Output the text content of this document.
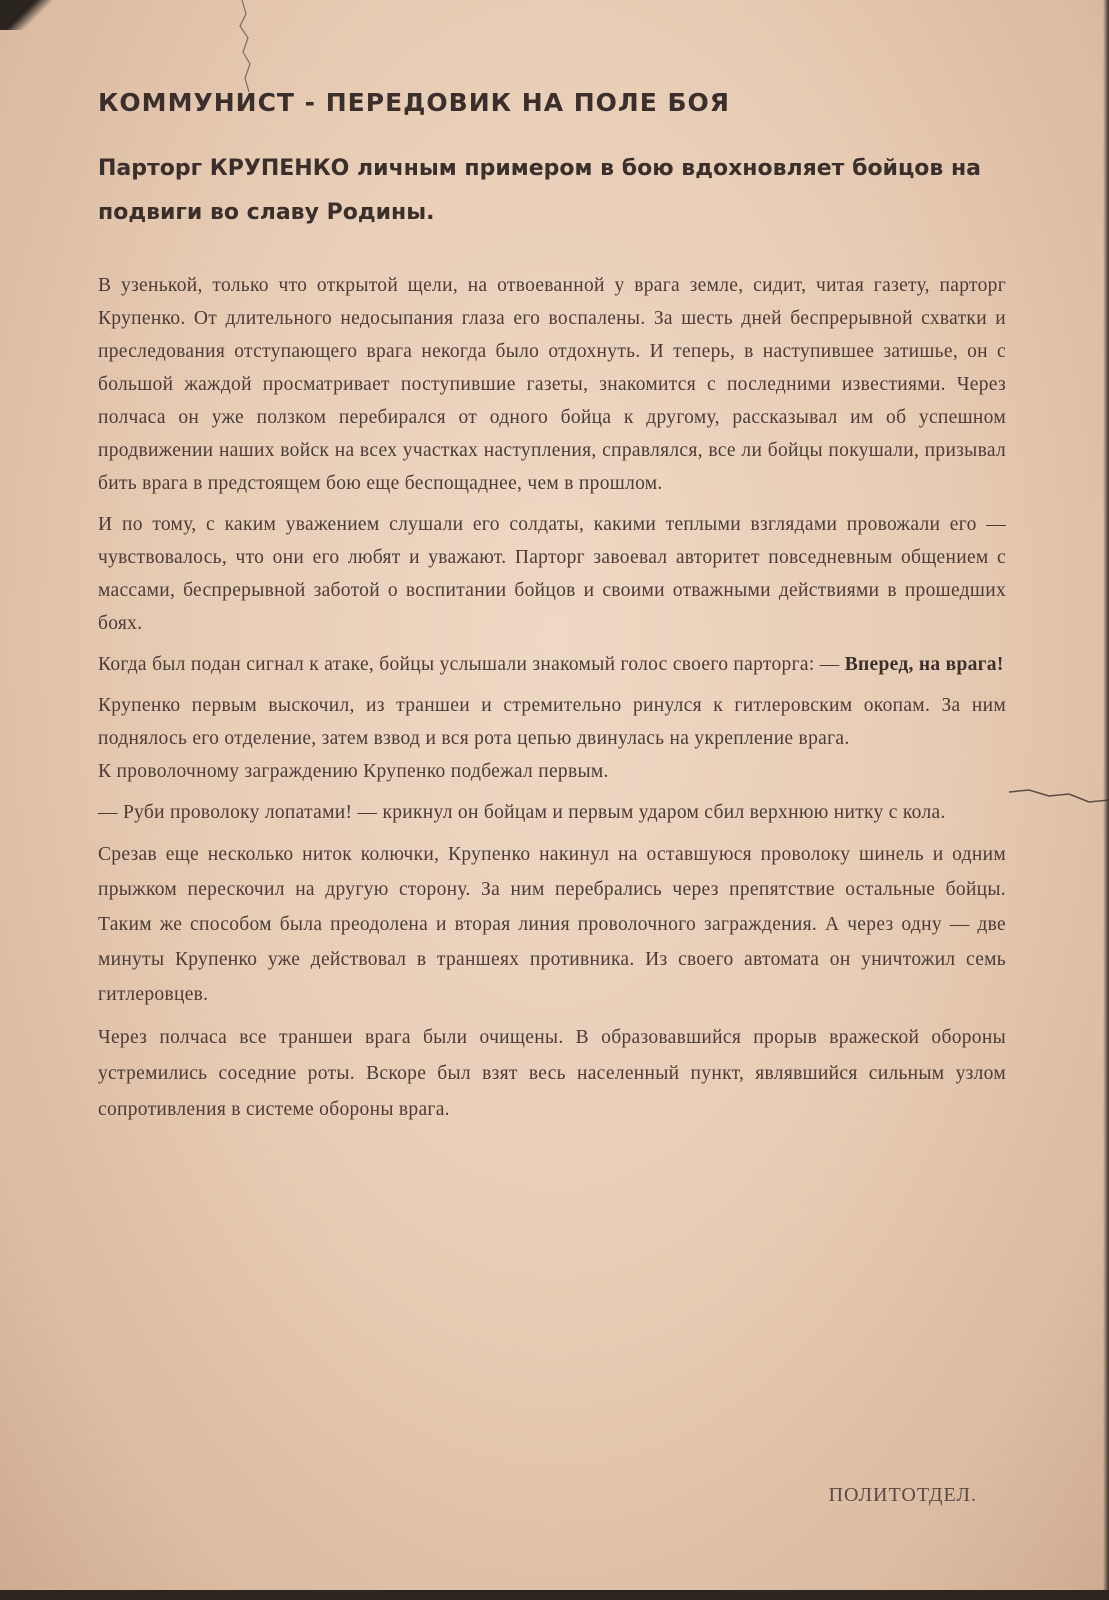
КОММУНИСТ - ПЕРЕДОВИК НА ПОЛЕ БОЯ
Парторг КРУПЕНКО личным примером в бою вдохновляет бойцов на подвиги во славу Родины.

В узенькой, только что открытой щели, на отвоеванной у врага земле, сидит, читая газету, парторг Крупенко. От длительного недосыпания глаза его воспалены. За шесть дней беспрерывной схватки и преследования отступающего врага некогда было отдохнуть. И теперь, в наступившее затишье, он с большой жаждой просматривает поступившие газеты, знакомится с последними известиями. Через полчаса он уже ползком перебирался от одного бойца к другому, рассказывал им об успешном продвижении наших войск на всех участках наступления, справлялся, все ли бойцы покушали, призывал бить врага в предстоящем бою еще беспощаднее, чем в прошлом.

И по тому, с каким уважением слушали его солдаты, какими теплыми взглядами провожали его — чувствовалось, что они его любят и уважают. Парторг завоевал авторитет повседневным общением с массами, беспрерывной заботой о воспитании бойцов и своими отважными действиями в прошедших боях.

Когда был подан сигнал к атаке, бойцы услышали знакомый голос своего парторга: — Вперед, на врага!

Крупенко первым выскочил, из траншеи и стремительно ринулся к гитлеровским окопам. За ним поднялось его отделение, затем взвод и вся рота цепью двинулась на укрепление врага.

К проволочному заграждению Крупенко подбежал первым.

— Руби проволоку лопатами! — крикнул он бойцам и первым ударом сбил верхнюю нитку с кола.

Срезав еще несколько ниток колючки, Крупенко накинул на оставшуюся проволоку шинель и одним прыжком перескочил на другую сторону. За ним перебрались через препятствие остальные бойцы. Таким же способом была преодолена и вторая линия проволочного заграждения. А через одну — две минуты Крупенко уже действовал в траншеях противника. Из своего автомата он уничтожил семь гитлеровцев.

Через полчаса все траншеи врага были очищены. В образовавшийся прорыв вражеской обороны устремились соседние роты. Вскоре был взят весь населенный пункт, являвшийся сильным узлом сопротивления в системе обороны врага.

ПОЛИТОТДЕЛ.
